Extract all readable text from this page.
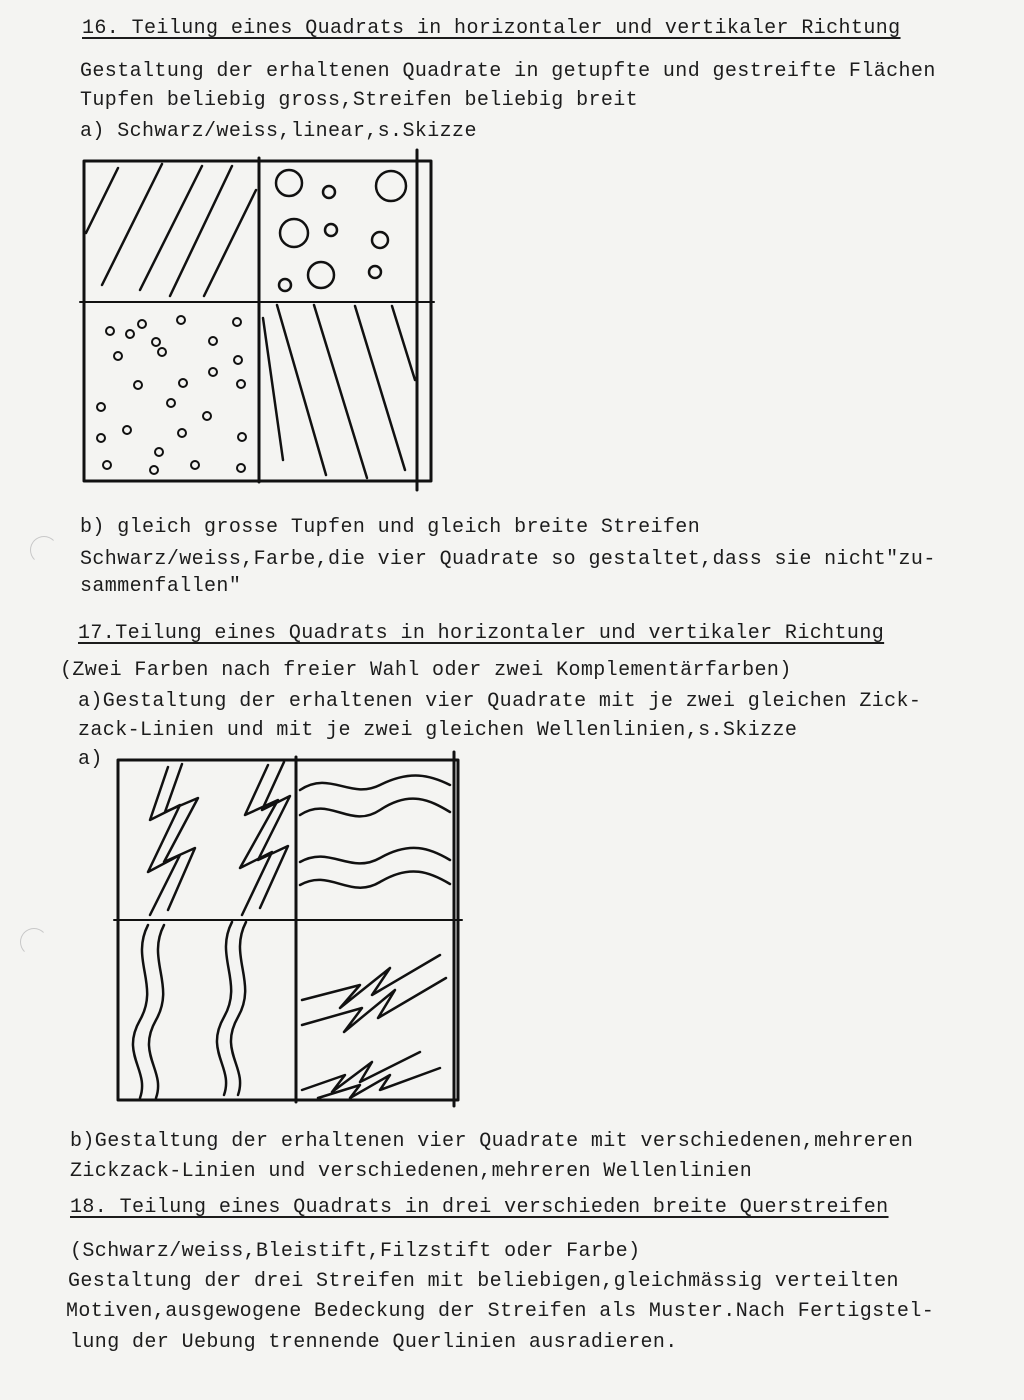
16. Teilung eines Quadrats in horizontaler und vertikaler Richtung
Gestaltung der erhaltenen Quadrate in getupfte und gestreifte Flächen
Tupfen beliebig gross,Streifen beliebig breit
a) Schwarz/weiss,linear,s.Skizze
b) gleich grosse Tupfen und gleich breite Streifen
Schwarz/weiss,Farbe,die vier Quadrate so gestaltet,dass sie nicht"zu-
sammenfallen"
17.Teilung eines Quadrats in horizontaler und vertikaler Richtung
(Zwei Farben nach freier Wahl oder zwei Komplementärfarben)
a)Gestaltung der erhaltenen vier Quadrate mit je zwei gleichen Zick-
zack-Linien und mit je zwei gleichen Wellenlinien,s.Skizze
a)
b)Gestaltung der erhaltenen vier Quadrate mit verschiedenen,mehreren
Zickzack-Linien und verschiedenen,mehreren Wellenlinien
18. Teilung eines Quadrats in drei verschieden breite Querstreifen
(Schwarz/weiss,Bleistift,Filzstift oder Farbe)
Gestaltung der drei Streifen mit beliebigen,gleichmässig verteilten
Motiven,ausgewogene Bedeckung der Streifen als Muster.Nach Fertigstel-
lung der Uebung trennende Querlinien ausradieren.
